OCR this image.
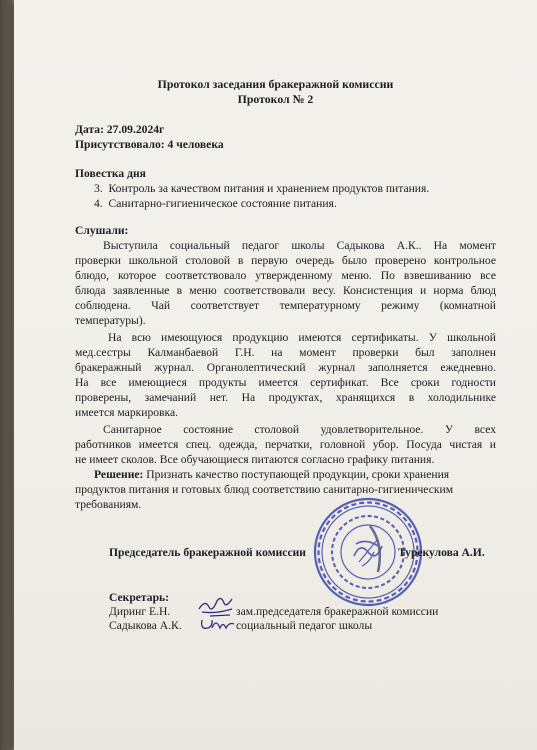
Протокол заседания бракеражной комиссии
Протокол № 2
Дата: 27.09.2024г
Присутствовало: 4 человека
Повестка дня
3. Контроль за качеством питания и хранением продуктов питания.
4. Санитарно-гигиеническое состояние питания.
Слушали:
Выступила социальный педагог школы Садыкова А.К.. На момент
проверки школьной столовой в первую очередь было проверено контрольное
блюдо, которое соответствовало утвержденному меню. По взвешиванию все
блюда заявленные в меню соответствовали весу. Консистенция и норма блюд
соблюдена. Чай соответствует температурному режиму (комнатной
температуры).
На всю имеющуюся продукцию имеются сертификаты. У школьной
мед.сестры Калманбаевой Г.Н. на момент проверки был заполнен
бракеражный журнал. Органолептический журнал заполняется ежедневно.
На все имеющиеся продукты имеется сертификат. Все сроки годности
проверены, замечаний нет. На продуктах, хранящихся в холодильнике
имеется маркировка.
Санитарное состояние столовой удовлетворительное. У всех
работников имеется спец. одежда, перчатки, головной убор. Посуда чистая и
не имеет сколов. Все обучающиеся питаются согласно графику питания.
Решение: Признать качество поступающей продукции, сроки хранения
продуктов питания и готовых блюд соответствию санитарно-гигиеническим
требованиям.
Председатель бракеражной комиссии	Турекулова А.И.
Секретарь:
Диринг Е.Н.	зам.председателя бракеражной комиссии
Садыкова А.К.	социальный педагог школы
